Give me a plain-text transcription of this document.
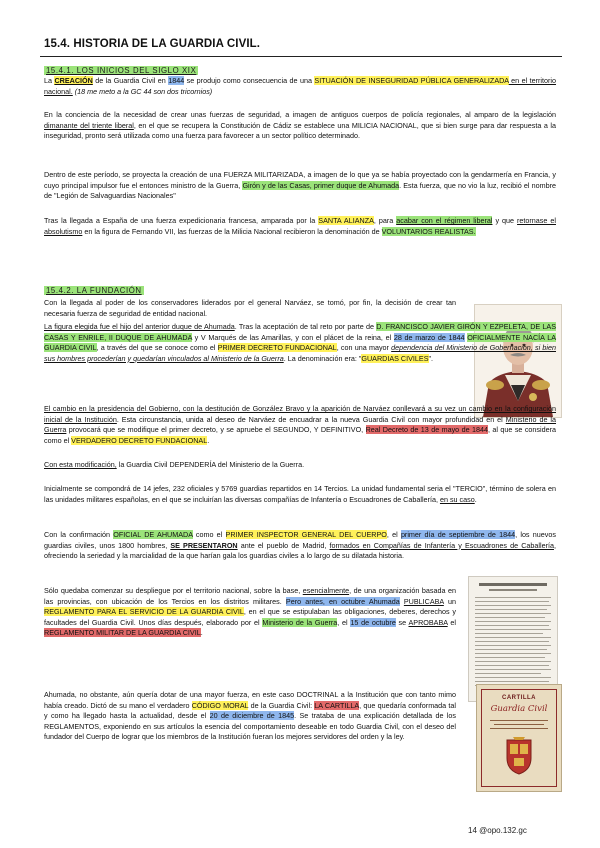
15.4. HISTORIA DE LA GUARDIA CIVIL.
15.4.1. LOS INICIOS DEL SIGLO XIX

La CREACIÓN de la Guardia Civil en 1844 se produjo como consecuencia de una SITUACIÓN DE INSEGURIDAD PÚBLICA GENERALIZADA en el territorio nacional. (18 me meto a la GC 44 son dos tricornios)

En la conciencia de la necesidad de crear unas fuerzas de seguridad, a imagen de antiguos cuerpos de policía regionales, al amparo de la legislación dimanante del triente liberal, en el que se recupera la Constitución de Cádiz se establece una MILICIA NACIONAL, que si bien surge para dar respuesta a la inseguridad, pronto será utilizada como una fuerza para favorecer a un sector político determinado.

Dentro de este período, se proyecta la creación de una FUERZA MILITARIZADA, a imagen de lo que ya se había proyectado con la gendarmería en Francia, y cuyo principal impulsor fue el entonces ministro de la Guerra, Girón y de las Casas, primer duque de Ahumada. Esta fuerza, que no vio la luz, recibió el nombre de "Legión de Salvaguardias Nacionales"

Tras la llegada a España de una fuerza expedicionaria francesa, amparada por la SANTA ALIANZA, para acabar con el régimen liberal y que retornase el absolutismo en la figura de Fernando VII, las fuerzas de la Milicia Nacional recibieron la denominación de VOLUNTARIOS REALISTAS.

15.4.2. LA FUNDACIÓN

Con la llegada al poder de los conservadores liderados por el general Narváez, se tomó, por fin, la decisión de crear tan necesaria fuerza de seguridad de entidad nacional.

La figura elegida fue el hijo del anterior duque de Ahumada. Tras la aceptación de tal reto por parte de D. FRANCISCO JAVIER GIRÓN Y EZPELETA, DE LAS CASAS Y ENRILE, II DUQUE DE AHUMADA y V Marqués de las Amarillas, y con el plácet de la reina, el 28 de marzo de 1844 OFICIALMENTE NACÍA LA GUARDIA CIVIL, a través del que se conoce como el PRIMER DECRETO FUNDACIONAL, con una mayor dependencia del Ministerio de Gobernación, si bien sus hombres procederían y quedarían vinculados al Ministerio de la Guerra. La denominación era: "GUARDIAS CIVILES".

El cambio en la presidencia del Gobierno, con la destitución de González Bravo y la aparición de Narváez conllevará a su vez un cambio en la configuración inicial de la Institución. Esta circunstancia, unida al deseo de Narváez de encuadrar a la nueva Guardia Civil con mayor profundidad en el Ministerio de la Guerra provocará que se modifique el primer decreto, y se apruebe el SEGUNDO, Y DEFINITIVO, Real Decreto de 13 de mayo de 1844, al que se considera como el VERDADERO DECRETO FUNDACIONAL.

Con esta modificación, la Guardia Civil DEPENDERÍA del Ministerio de la Guerra.

Inicialmente se compondrá de 14 jefes, 232 oficiales y 5769 guardias repartidos en 14 Tercios. La unidad fundamental seria el "TERCIO", término de solera en las unidades militares españolas, en el que se incluirían las diversas compañías de Infantería o Escuadrones de Caballería, en su caso.

Con la confirmación OFICIAL DE AHUMADA como el PRIMER INSPECTOR GENERAL DEL CUERPO, el primer día de septiembre de 1844, los nuevos guardias civiles, unos 1800 hombres, SE PRESENTARON ante el pueblo de Madrid, formados en Compañías de Infantería y Escuadrones de Caballería, ofreciendo la seriedad y la marcialidad de la que harían gala los guardias civiles a lo largo de su dilatada historia.

Sólo quedaba comenzar su despliegue por el territorio nacional, sobre la base, esencialmente, de una organización basada en las provincias, con ubicación de los Tercios en los distritos militares. Pero antes, en octubre Ahumada PUBLICABA un REGLAMENTO PARA EL SERVICIO DE LA GUARDIA CIVIL, en el que se estipulaban las obligaciones, deberes, derechos y facultades del Guardia Civil. Unos días después, elaborado por el Ministerio de la Guerra, el 15 de octubre se APROBABA el REGLAMENTO MILITAR DE LA GUARDIA CIVIL.

Ahumada, no obstante, aún quería dotar de una mayor fuerza, en este caso DOCTRINAL a la Institución que con tanto mimo había creado. Dictó de su mano el verdadero CÓDIGO MORAL de la Guardia Civil: LA CARTILLA, que quedaría conformada tal y como ha llegado hasta la actualidad, desde el 20 de diciembre de 1845. Se trataba de una explicación detallada de los REGLAMENTOS, exponiendo en sus artículos la esencia del comportamiento deseable en todo Guardia Civil, con el deseo del fundador del Cuerpo de lograr que los miembros de la Institución fueran los mejores servidores del orden y la ley.

CARTILLA
Guardia Civil
14 @opo.132.gc
